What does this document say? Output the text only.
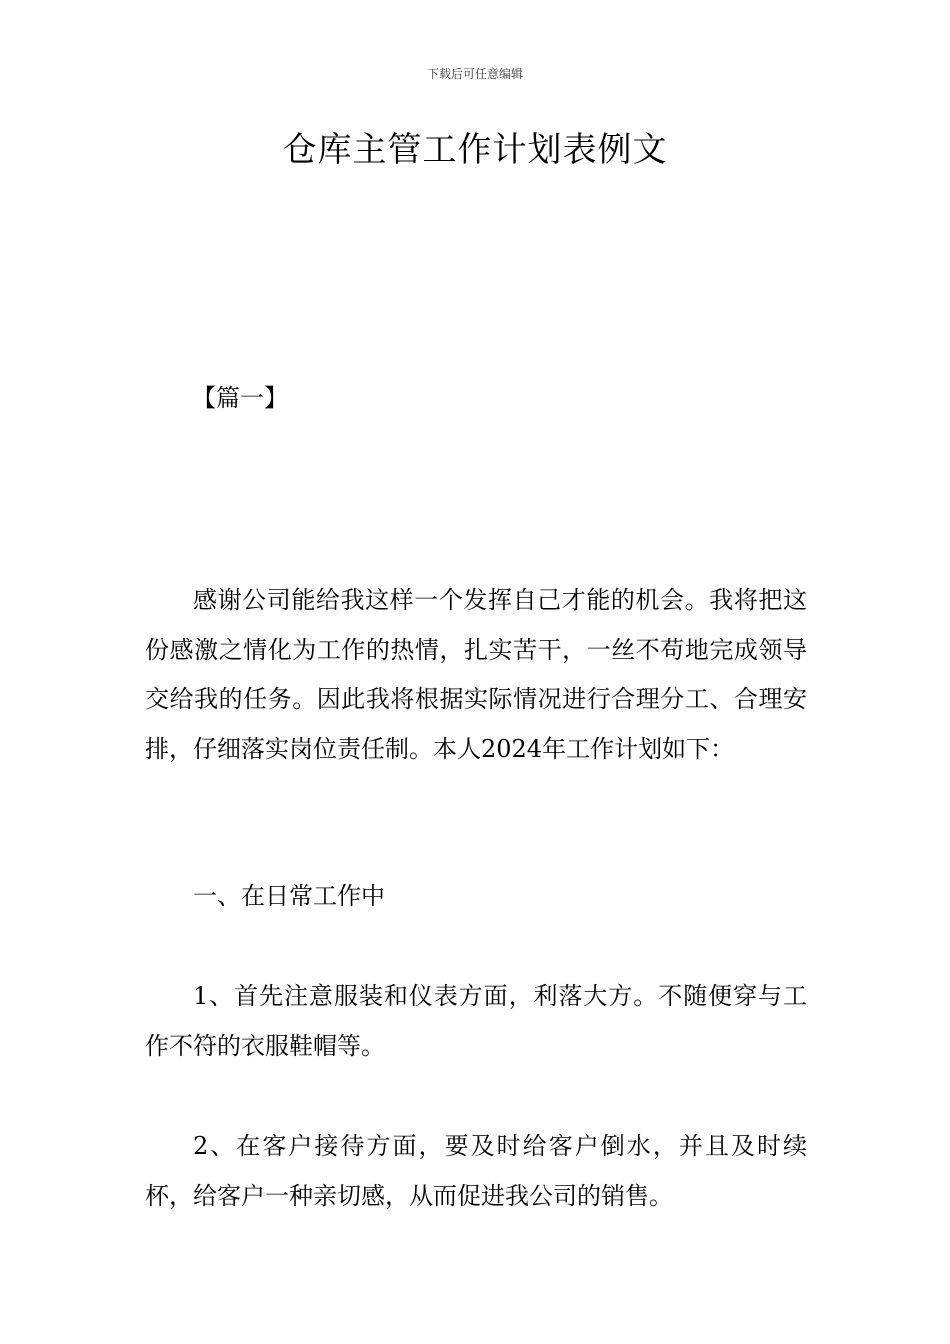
下载后可任意编辑
仓库主管工作计划表例文
【篇一】

感谢公司能给我这样一个发挥自己才能的机会。我将把这份感激之情化为工作的热情，扎实苦干，一丝不苟地完成领导交给我的任务。因此我将根据实际情况进行合理分工、合理安排，仔细落实岗位责任制。本人2024年工作计划如下：

一、在日常工作中

1、首先注意服装和仪表方面，利落大方。不随便穿与工作不符的衣服鞋帽等。

2、在客户接待方面，要及时给客户倒水，并且及时续杯，给客户一种亲切感，从而促进我公司的销售。
